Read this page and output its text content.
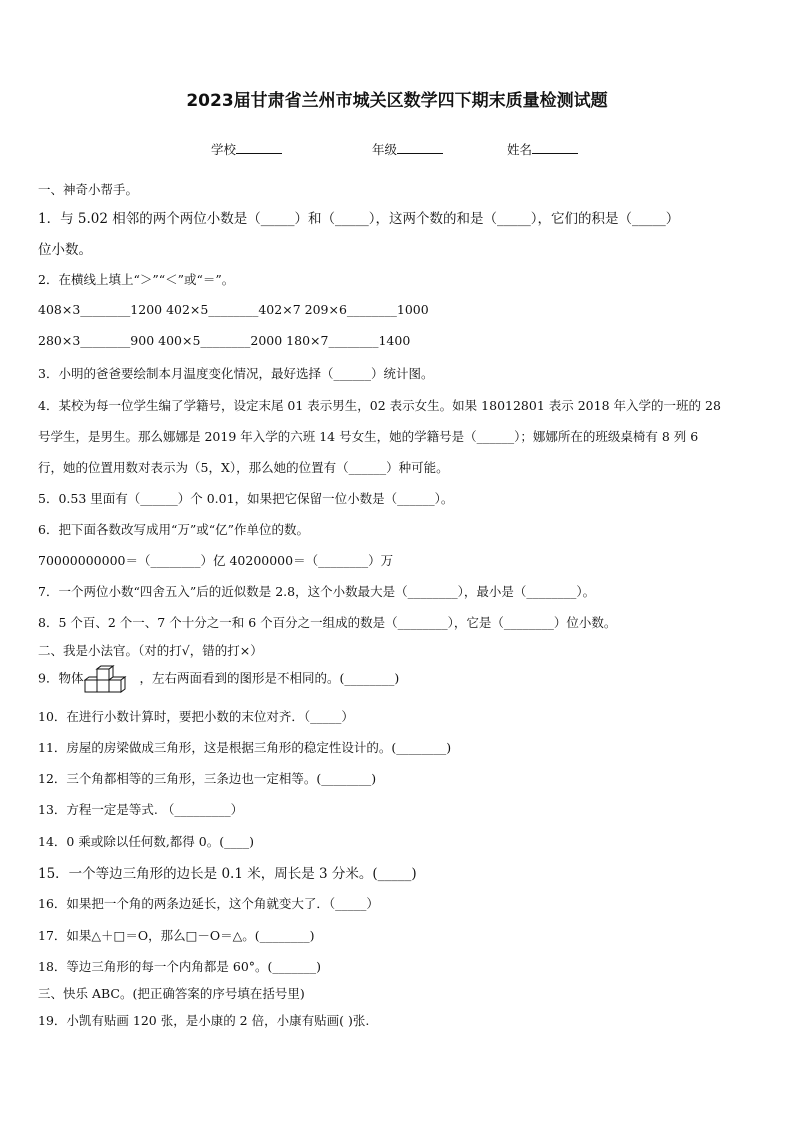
2023届甘肃省兰州市城关区数学四下期末质量检测试题
学校	年级	姓名
一、神奇小帮手。
1．与 5.02 相邻的两个两位小数是（_____）和（_____），这两个数的和是（_____），它们的积是（_____）
位小数。
2．在横线上填上“＞”“＜”或“＝”。
408×3________1200 402×5________402×7 209×6________1000
280×3________900 400×5________2000 180×7________1400
3．小明的爸爸要绘制本月温度变化情况，最好选择（______）统计图。
4．某校为每一位学生编了学籍号，设定末尾 01 表示男生，02 表示女生。如果 18012801 表示 2018 年入学的一班的 28
号学生，是男生。那么娜娜是 2019 年入学的六班 14 号女生，她的学籍号是（______）；娜娜所在的班级桌椅有 8 列 6
行，她的位置用数对表示为（5，X），那么她的位置有（______）种可能。
5．0.53 里面有（______）个 0.01，如果把它保留一位小数是（______）。
6．把下面各数改写成用“万”或“亿”作单位的数。
70000000000＝（________）亿 40200000＝（________）万
7．一个两位小数“四舍五入”后的近似数是 2.8，这个小数最大是（________），最小是（________）。
8．5 个百、2 个一、7 个十分之一和 6 个百分之一组成的数是（________），它是（________）位小数。
二、我是小法官。（对的打√，错的打×）
9．物体	，左右两面看到的图形是不相同的。(________)
10．在进行小数计算时，要把小数的末位对齐．（_____）
11．房屋的房梁做成三角形，这是根据三角形的稳定性设计的。(________)
12．三个角都相等的三角形，三条边也一定相等。(________)
13．方程一定是等式. （_________）
14．0 乘或除以任何数,都得 0。(____)
15．一个等边三角形的边长是 0.1 米，周长是 3 分米。(_____)
16．如果把一个角的两条边延长，这个角就变大了．（_____）
17．如果△＋□＝O，那么□－O＝△。(________)
18．等边三角形的每一个内角都是 60°。(_______)
三、快乐 ABC。(把正确答案的序号填在括号里)
19．小凯有贴画 120 张，是小康的 2 倍，小康有贴画( )张.
